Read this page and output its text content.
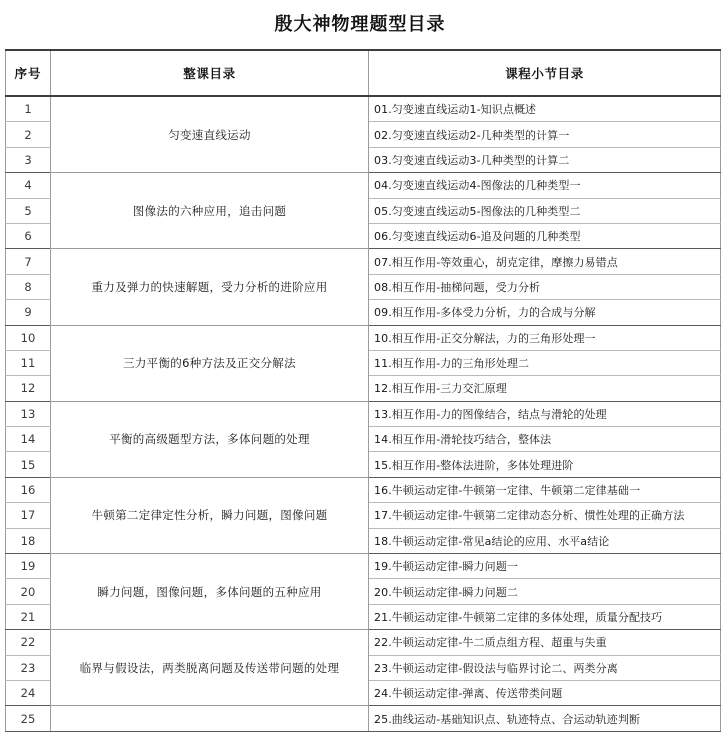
殷大神物理题型目录
序号	整课目录	课程小节目录
1	匀变速直线运动	01.匀变速直线运动1-知识点概述
2		02.匀变速直线运动2-几种类型的计算一
3		03.匀变速直线运动3-几种类型的计算二
4	图像法的六种应用，追击问题	04.匀变速直线运动4-图像法的几种类型一
5		05.匀变速直线运动5-图像法的几种类型二
6		06.匀变速直线运动6-追及问题的几种类型
7	重力及弹力的快速解题，受力分析的进阶应用	07.相互作用-等效重心，胡克定律，摩擦力易错点
8		08.相互作用-抽梯问题，受力分析
9		09.相互作用-多体受力分析，力的合成与分解
10	三力平衡的6种方法及正交分解法	10.相互作用-正交分解法，力的三角形处理一
11		11.相互作用-力的三角形处理二
12		12.相互作用-三力交汇原理
13	平衡的高级题型方法，多体问题的处理	13.相互作用-力的图像结合，结点与滑轮的处理
14		14.相互作用-滑轮技巧结合，整体法
15		15.相互作用-整体法进阶，多体处理进阶
16	牛顿第二定律定性分析，瞬力问题，图像问题	16.牛顿运动定律-牛顿第一定律、牛顿第二定律基础一
17		17.牛顿运动定律-牛顿第二定律动态分析、惯性处理的正确方法
18		18.牛顿运动定律-常见a结论的应用、水平a结论
19	瞬力问题，图像问题，多体问题的五种应用	19.牛顿运动定律-瞬力问题一
20		20.牛顿运动定律-瞬力问题二
21		21.牛顿运动定律-牛顿第二定律的多体处理，质量分配技巧
22	临界与假设法，两类脱离问题及传送带问题的处理	22.牛顿运动定律-牛二质点组方程、超重与失重
23		23.牛顿运动定律-假设法与临界讨论二、两类分离
24		24.牛顿运动定律-弹离、传送带类问题
25		25.曲线运动-基础知识点、轨迹特点、合运动轨迹判断
